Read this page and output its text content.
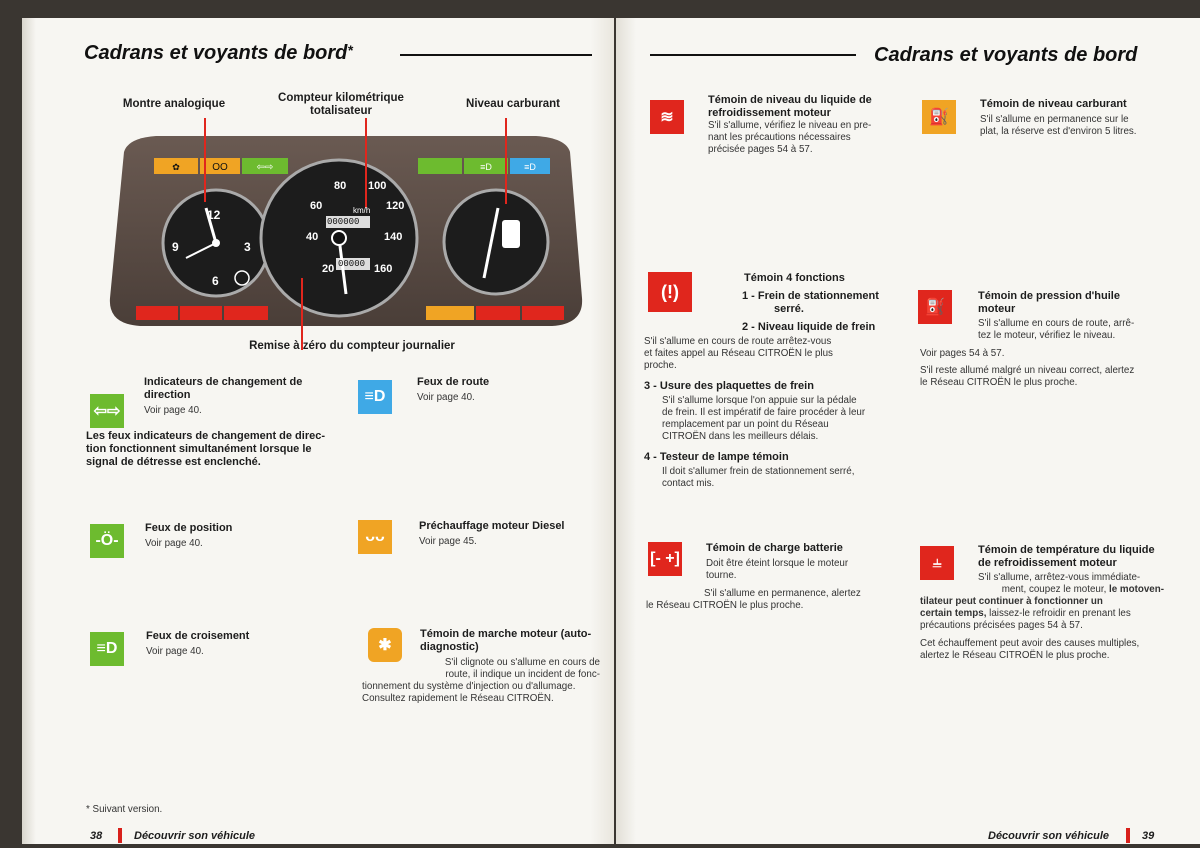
Cadrans et voyants de bord*
Montre analogique	Compteur kilométrique
totalisateur
Niveau carburant
✿	OO	⇦⇨	≡D	≡D
12
3
6
9
km/h
000000
00000
20
40
60
80 100
120
140
160
Remise à zéro du compteur journalier
⇦⇨
Indicateurs de changement de
direction
Voir page 40.
Les feux indicateurs de changement de direc-
tion fonctionnent simultanément lorsque le
signal de détresse est enclenché.
≡D
Feux de route
Voir page 40.
-Ö-
Feux de position
Voir page 40.	ᴗᴗ
Préchauffage moteur Diesel
Voir page 45.
≡D
Feux de croisement
Voir page 40.	✱
Témoin de marche moteur (auto-
diagnostic)
S'il clignote ou s'allume en cours de
route, il indique un incident de fonc-
tionnement du système d'injection ou d'allumage.
Consultez rapidement le Réseau CITROËN.
* Suivant version.
38	Découvrir son véhicule
Cadrans et voyants de bord
≋
Témoin de niveau du liquide de
refroidissement moteur
S'il s'allume, vérifiez le niveau en pre-
nant les précautions nécessaires
précisée pages 54 à 57.
⛽
Témoin de niveau carburant
S'il s'allume en permanence sur le
plat, la réserve est d'environ 5 litres.
(!)
Témoin 4 fonctions
1 - Frein de stationnement
serré.
2 - Niveau liquide de frein
S'il s'allume en cours de route arrêtez-vous
et faites appel au Réseau CITROËN le plus
proche.
3 - Usure des plaquettes de frein
S'il s'allume lorsque l'on appuie sur la pédale
de frein. Il est impératif de faire procéder à leur
remplacement par un point du Réseau
CITROËN dans les meilleurs délais.
4 - Testeur de lampe témoin
Il doit s'allumer frein de stationnement serré,
contact mis.
⛽
Témoin de pression d'huile
moteur
S'il s'allume en cours de route, arrê-
tez le moteur, vérifiez le niveau.
Voir pages 54 à 57.
S'il reste allumé malgré un niveau correct, alertez
le Réseau CITROËN le plus proche.
[- +]
Témoin de charge batterie
Doit être éteint lorsque le moteur
tourne.
S'il s'allume en permanence, alertez
le Réseau CITROËN le plus proche.
⫨
Témoin de température du liquide
de refroidissement moteur
S'il s'allume, arrêtez-vous immédiate-
ment, coupez le moteur, le motoven-
tilateur peut continuer à fonctionner un
certain temps, laissez-le refroidir en prenant les
précautions précisées pages 54 à 57.
Cet échauffement peut avoir des causes multiples,
alertez le Réseau CITROËN le plus proche.
Découvrir son véhicule	39
